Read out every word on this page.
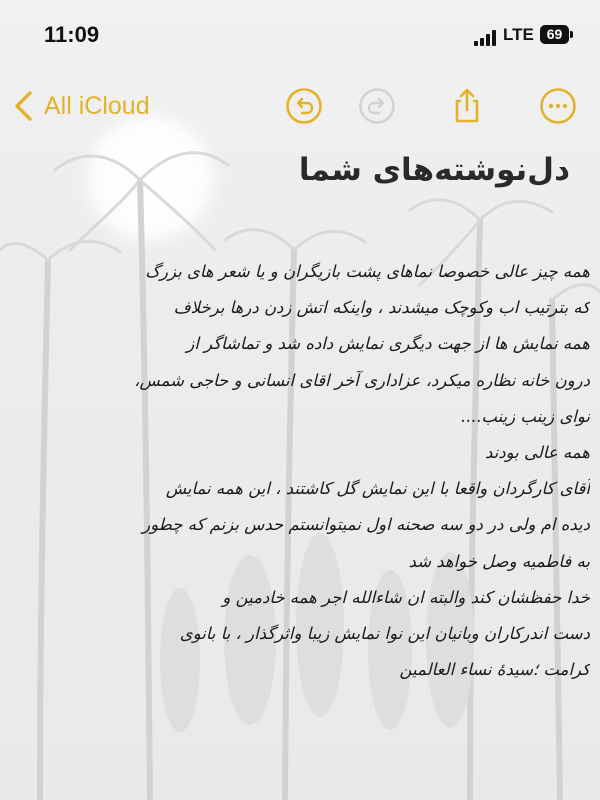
11:09	LTE 69
All iCloud
دل‌نوشته‌های شما
همه چیز عالی خصوصا نماهای پشت بازیگران و یا شعر های بزرگ
که بترتیب اب وکوچک میشدند ، واینکه اتش زدن درها برخلاف
همه نمایش ها از جهت دیگری نمایش داده شد و تماشاگر از
درون خانه نظاره میکرد، عزاداری آخر اقای انسانی و حاجی شمس،
نوای زینب زینب....
همه عالی بودند
آقای کارگردان واقعا با این نمایش گل کاشتند ، این همه نمایش
دیده ام ولی در دو سه صحنه اول نمیتوانستم حدس بزنم که چطور
به فاطمیه وصل خواهد شد
خدا حفظشان کند والبته ان شاءالله اجر همه خادمین و
دست اندرکاران وبانیان این نوا نمایش زیبا واثرگذار ، با بانوی
کرامت ؛سیدهٔ نساء العالمین
